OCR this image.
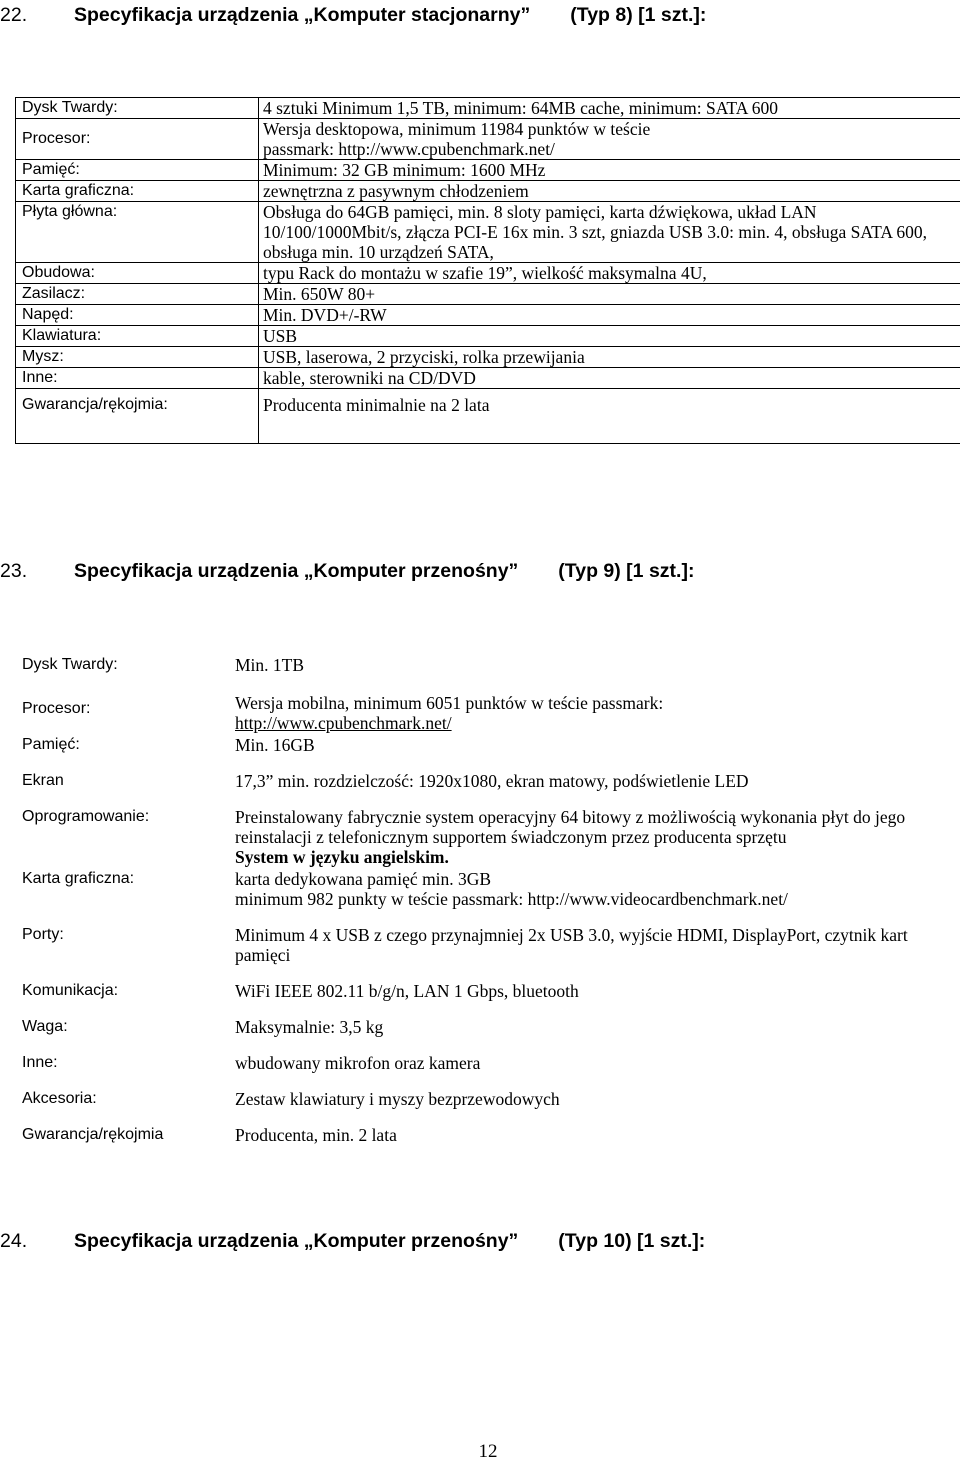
22. Specyfikacja urządzenia „Komputer stacjonarny” (Typ 8) [1 szt.]:
Dysk Twardy:	4 sztuki Minimum 1,5 TB, minimum: 64MB cache, minimum: SATA 600
Procesor:	Wersja desktopowa, minimum 11984 punktów w teście passmark: http://www.cpubenchmark.net/
Pamięć:	Minimum: 32 GB minimum: 1600 MHz
Karta graficzna:	zewnętrzna z pasywnym chłodzeniem
Płyta główna:	Obsługa do 64GB pamięci, min. 8 sloty pamięci, karta dźwiękowa, układ LAN 10/100/1000Mbit/s, złącza PCI-E 16x min. 3 szt, gniazda USB 3.0: min. 4, obsługa SATA 600, obsługa min. 10 urządzeń SATA,
Obudowa:	typu Rack do montażu w szafie 19”, wielkość maksymalna 4U,
Zasilacz:	Min. 650W 80+
Napęd:	Min. DVD+/-RW
Klawiatura:	USB
Mysz:	USB, laserowa, 2 przyciski, rolka przewijania
Inne:	kable, sterowniki na CD/DVD
Gwarancja/rękojmia:	Producenta minimalnie na 2 lata
23. Specyfikacja urządzenia „Komputer przenośny” (Typ 9) [1 szt.]:
Dysk Twardy:	Min. 1TB
Procesor:	Wersja mobilna, minimum 6051 punktów w teście passmark:
http://www.cpubenchmark.net/
Pamięć:	Min. 16GB
Ekran	17,3” min. rozdzielczość: 1920x1080, ekran matowy, podświetlenie LED
Oprogramowanie:	Preinstalowany fabrycznie system operacyjny 64 bitowy z możliwością wykonania płyt do jego reinstalacji z telefonicznym supportem świadczonym przez producenta sprzętu
System w języku angielskim.
Karta graficzna:	karta dedykowana pamięć min. 3GB
minimum 982 punkty w teście passmark: http://www.videocardbenchmark.net/
Porty:	Minimum 4 x USB z czego przynajmniej 2x USB 3.0, wyjście HDMI, DisplayPort, czytnik kart pamięci
Komunikacja:	WiFi IEEE 802.11 b/g/n, LAN 1 Gbps, bluetooth
Waga:	Maksymalnie: 3,5 kg
Inne:	wbudowany mikrofon oraz kamera
Akcesoria:	Zestaw klawiatury i myszy bezprzewodowych
Gwarancja/rękojmia	Producenta, min. 2 lata
24. Specyfikacja urządzenia „Komputer przenośny” (Typ 10) [1 szt.]:
12
